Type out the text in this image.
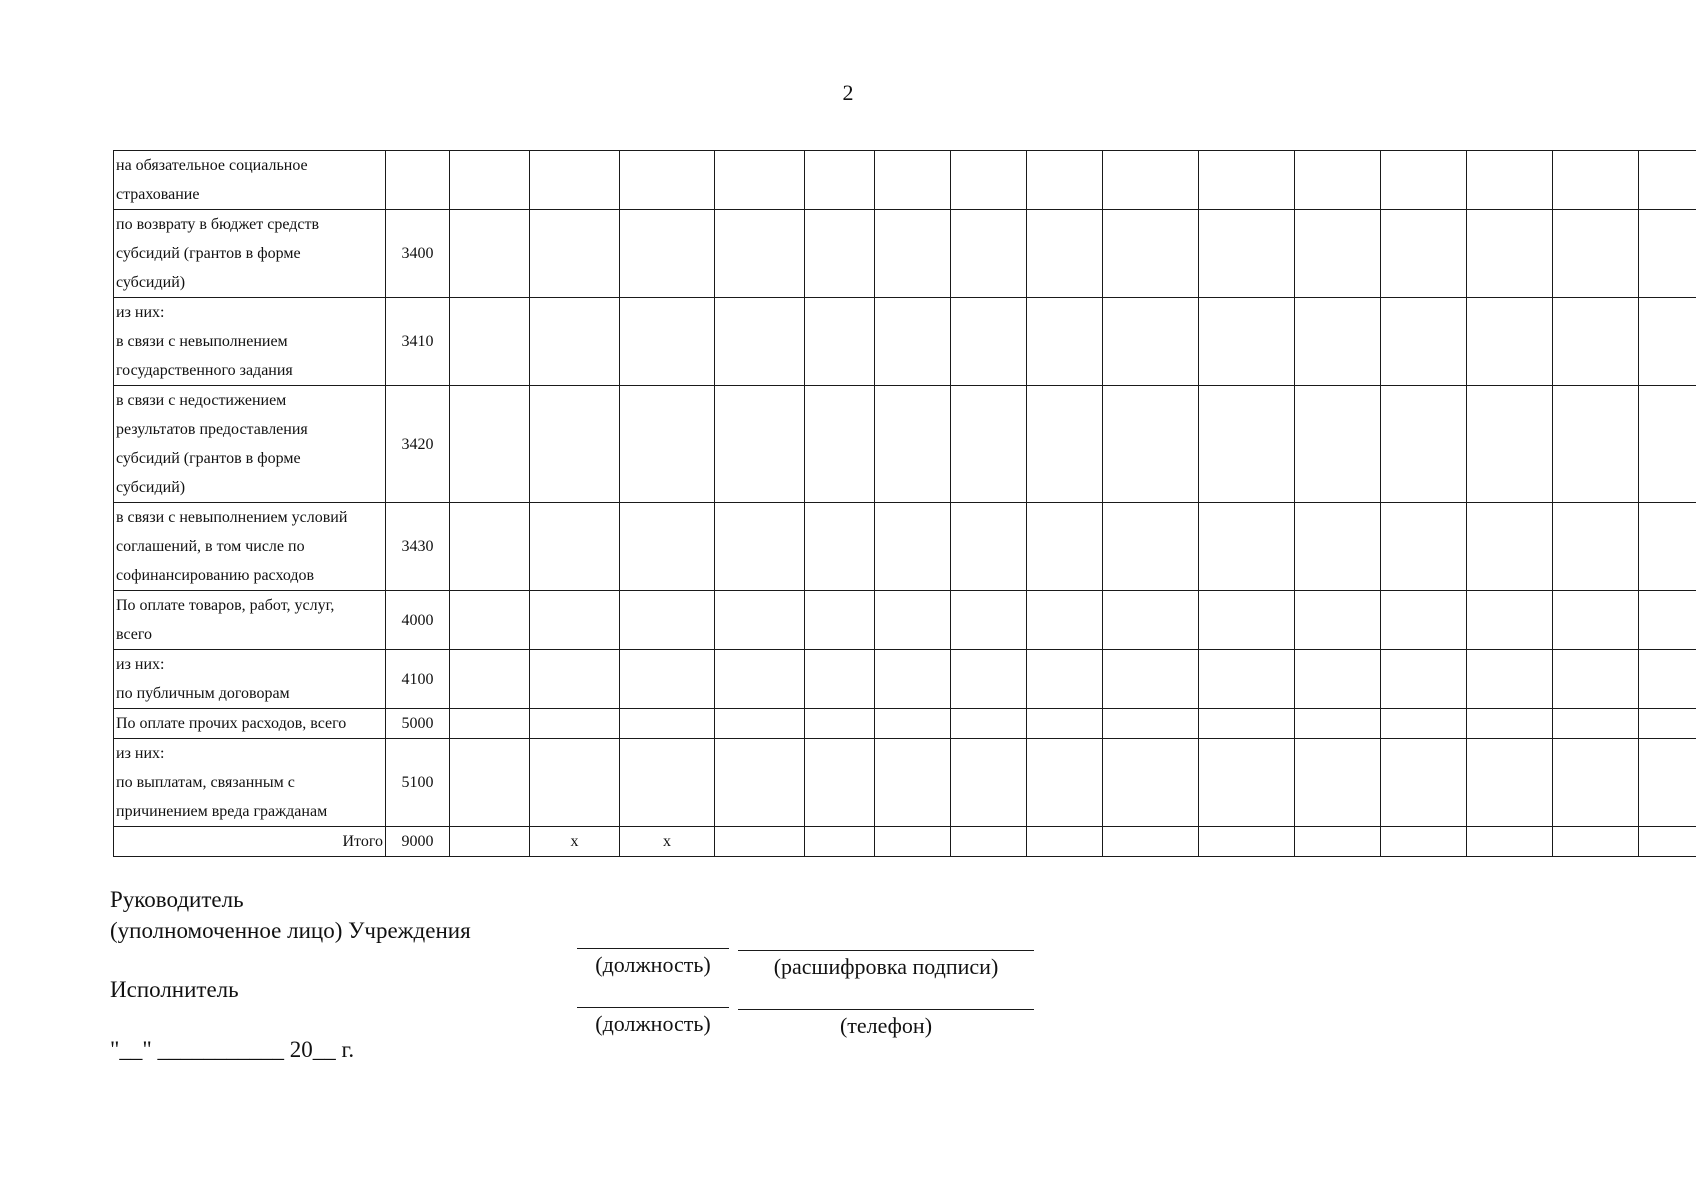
2
на обязательное социальное
страхование																	
по возврату в бюджет средств
субсидий (грантов в форме
субсидий)	3400																
из них:
в связи с невыполнением
государственного задания	3410																
в связи с недостижением
результатов предоставления
субсидий (грантов в форме
субсидий)	3420																
в связи с невыполнением условий
соглашений, в том числе по
софинансированию расходов	3430																
По оплате товаров, работ, услуг,
всего	4000																
из них:
по публичным договорам	4100																
По оплате прочих расходов, всего	5000																
из них:
по выплатам, связанным с
причинением вреда гражданам	5100																
Итого	9000		x	x													
Руководитель
(уполномоченное лицо) Учреждения
(должность)	(расшифровка подписи)
Исполнитель
(должность)	(телефон)
"__" ___________ 20__ г.
